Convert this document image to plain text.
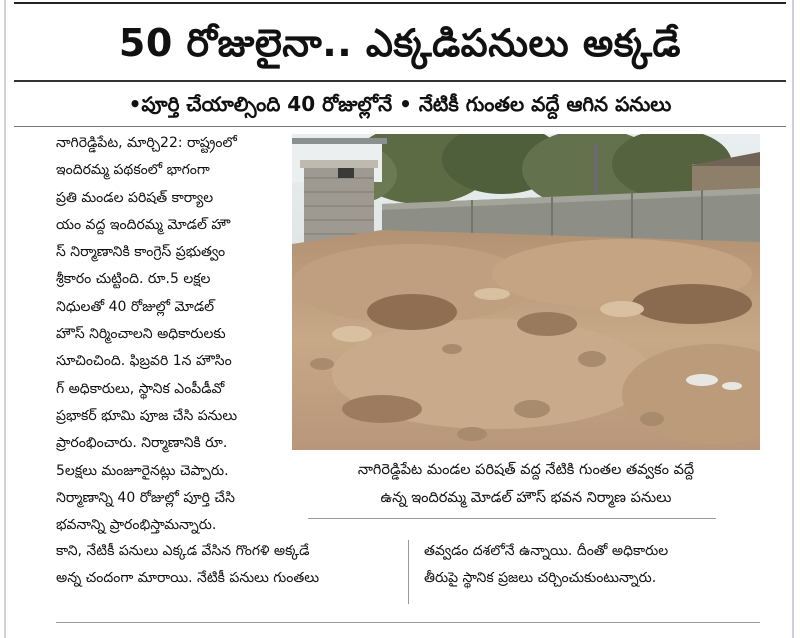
50 రోజులైనా.. ఎక్కడిపనులు అక్కడే
•పూర్తి చేయాల్సింది 40 రోజుల్లోనే • నేటికీ గుంతల వద్దే ఆగిన పనులు

నాగిరెడ్డిపేట, మార్చి22: రాష్ట్రంలో
ఇందిరమ్మ పథకంలో భాగంగా
ప్రతి మండల పరిషత్ కార్యాల
యం వద్ద ఇందిరమ్మ మోడల్ హౌ
స్ నిర్మాణానికి కాంగ్రెస్ ప్రభుత్వం
శ్రీకారం చుట్టింది. రూ.5 లక్షల
నిధులతో 40 రోజుల్లో మోడల్
హౌస్ నిర్మించాలని అధికారులకు
సూచించింది. ఫిబ్రవరి 1న హౌసిం
గ్ అధికారులు, స్థానిక ఎంపీడీవో
ప్రభాకర్ భూమి పూజ చేసి పనులు
ప్రారంభించారు. నిర్మాణానికి రూ.
5లక్షలు మంజూరైనట్లు చెప్పారు.
నిర్మాణాన్ని 40 రోజుల్లో పూర్తి చేసి
భవనాన్ని ప్రారంభిస్తామన్నారు.

నాగిరెడ్డిపేట మండల పరిషత్ వద్ద నేటికి గుంతల తవ్వకం వద్దే
ఉన్న ఇందిరమ్మ మోడల్ హౌస్ భవన నిర్మాణ పనులు

కాని, నేటికీ పనులు ఎక్కడ వేసిన గొంగళి అక్కడే
అన్న చందంగా మారాయి. నేటికీ పనులు గుంతలు

తవ్వడం దశలోనే ఉన్నాయి. దీంతో అధికారుల
తీరుపై స్థానిక ప్రజలు చర్చించుకుంటున్నారు.
